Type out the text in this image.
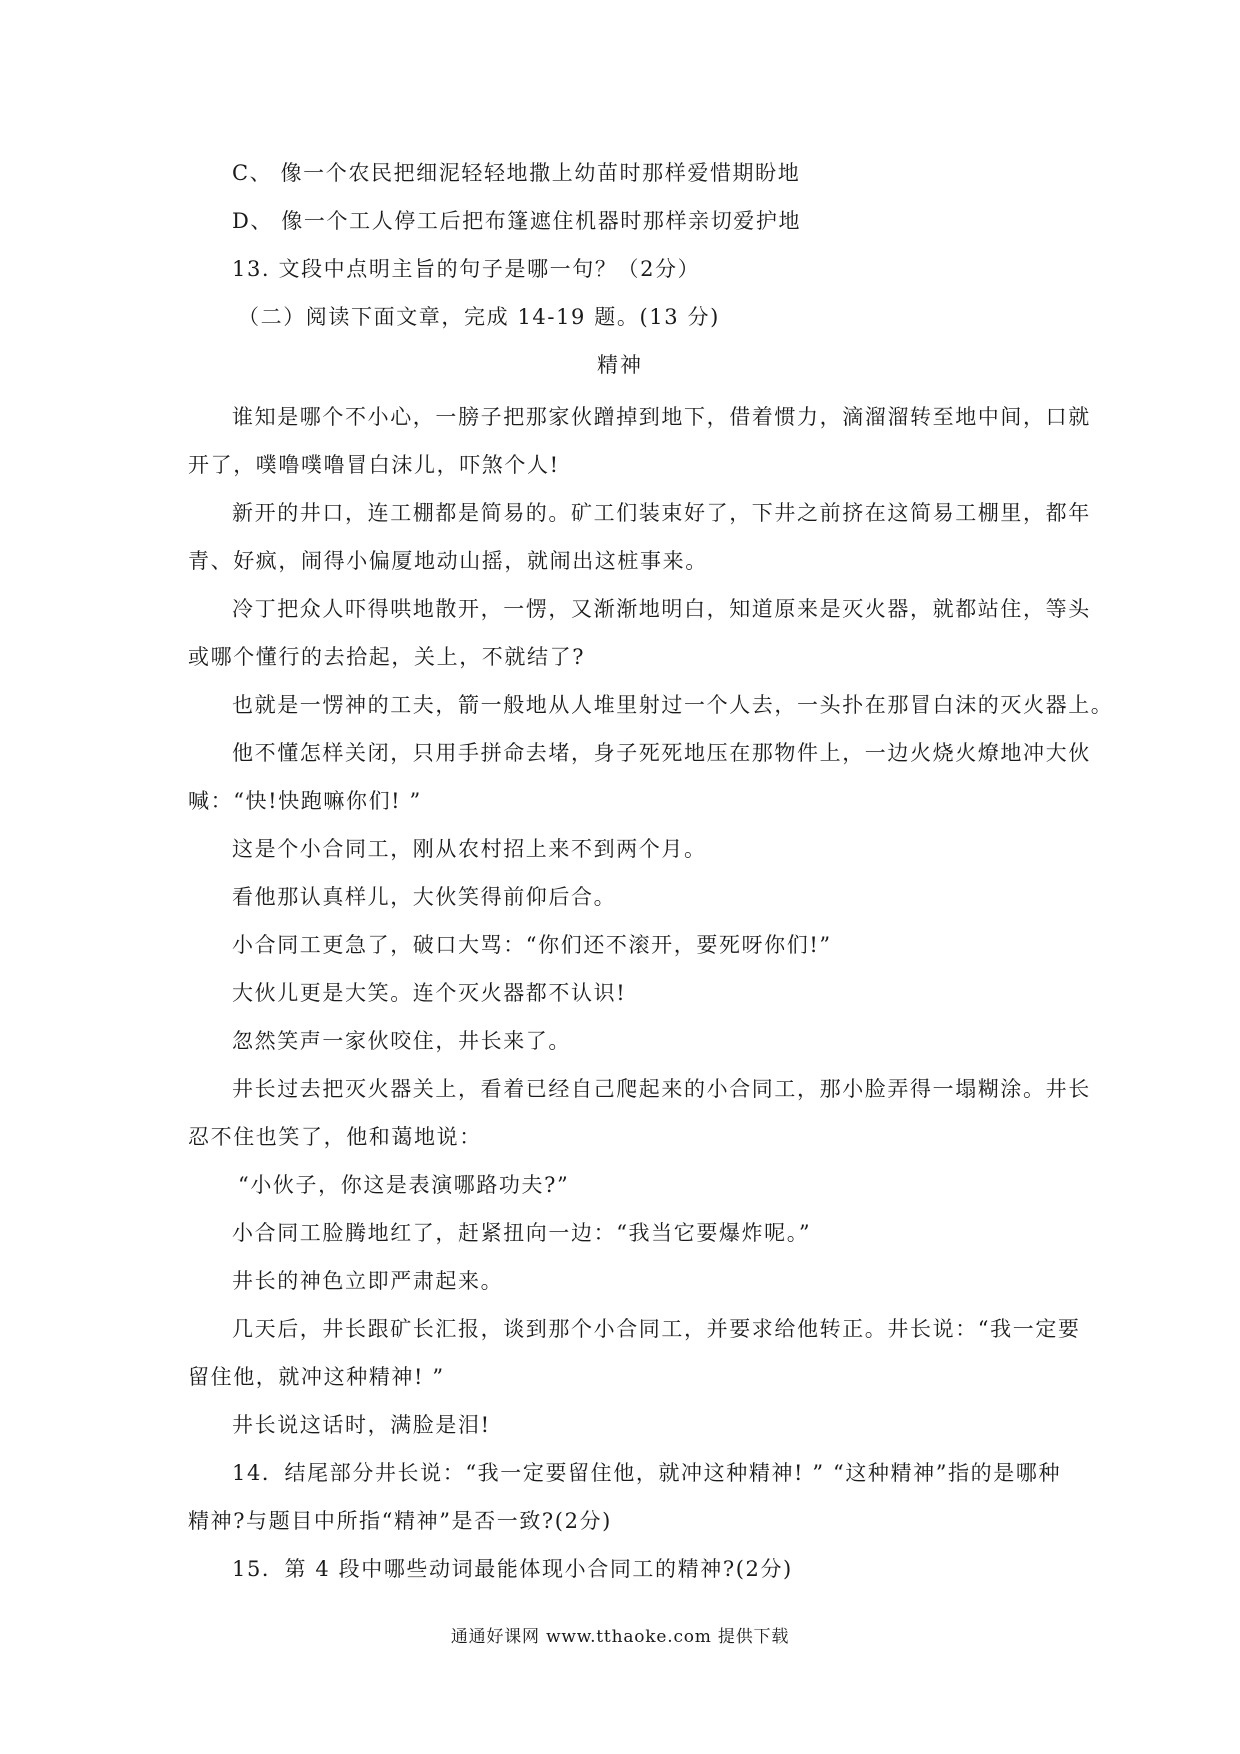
C、 像一个农民把细泥轻轻地撒上幼苗时那样爱惜期盼地
D、 像一个工人停工后把布篷遮住机器时那样亲切爱护地
13. 文段中点明主旨的句子是哪一句？（2分）
（二）阅读下面文章，完成 14-19 题。(13 分)
精神
谁知是哪个不小心，一膀子把那家伙蹭掉到地下，借着惯力，滴溜溜转至地中间，口就
开了，噗噜噗噜冒白沫儿，吓煞个人!
新开的井口，连工棚都是简易的。矿工们装束好了，下井之前挤在这简易工棚里，都年
青、好疯，闹得小偏厦地动山摇，就闹出这桩事来。
冷丁把众人吓得哄地散开，一愣，又渐渐地明白，知道原来是灭火器，就都站住，等头
或哪个懂行的去拾起，关上，不就结了?
也就是一愣神的工夫，箭一般地从人堆里射过一个人去，一头扑在那冒白沫的灭火器上。
他不懂怎样关闭，只用手拼命去堵，身子死死地压在那物件上，一边火烧火燎地冲大伙
喊：“快!快跑嘛你们! ”
这是个小合同工，刚从农村招上来不到两个月。
看他那认真样儿，大伙笑得前仰后合。
小合同工更急了，破口大骂：“你们还不滚开，要死呀你们!”
大伙儿更是大笑。连个灭火器都不认识!
忽然笑声一家伙咬住，井长来了。
井长过去把灭火器关上，看着已经自己爬起来的小合同工，那小脸弄得一塌糊涂。井长
忍不住也笑了，他和蔼地说：
“小伙子，你这是表演哪路功夫?”
小合同工脸腾地红了，赶紧扭向一边：“我当它要爆炸呢。”
井长的神色立即严肃起来。
几天后，井长跟矿长汇报，谈到那个小合同工，并要求给他转正。井长说：“我一定要
留住他，就冲这种精神! ”
井长说这话时，满脸是泪!
14．结尾部分井长说：“我一定要留住他，就冲这种精神! ” “这种精神”指的是哪种
精神?与题目中所指“精神”是否一致?(2分)
15．第 4 段中哪些动词最能体现小合同工的精神?(2分)
通通好课网 www.tthaoke.com 提供下载
